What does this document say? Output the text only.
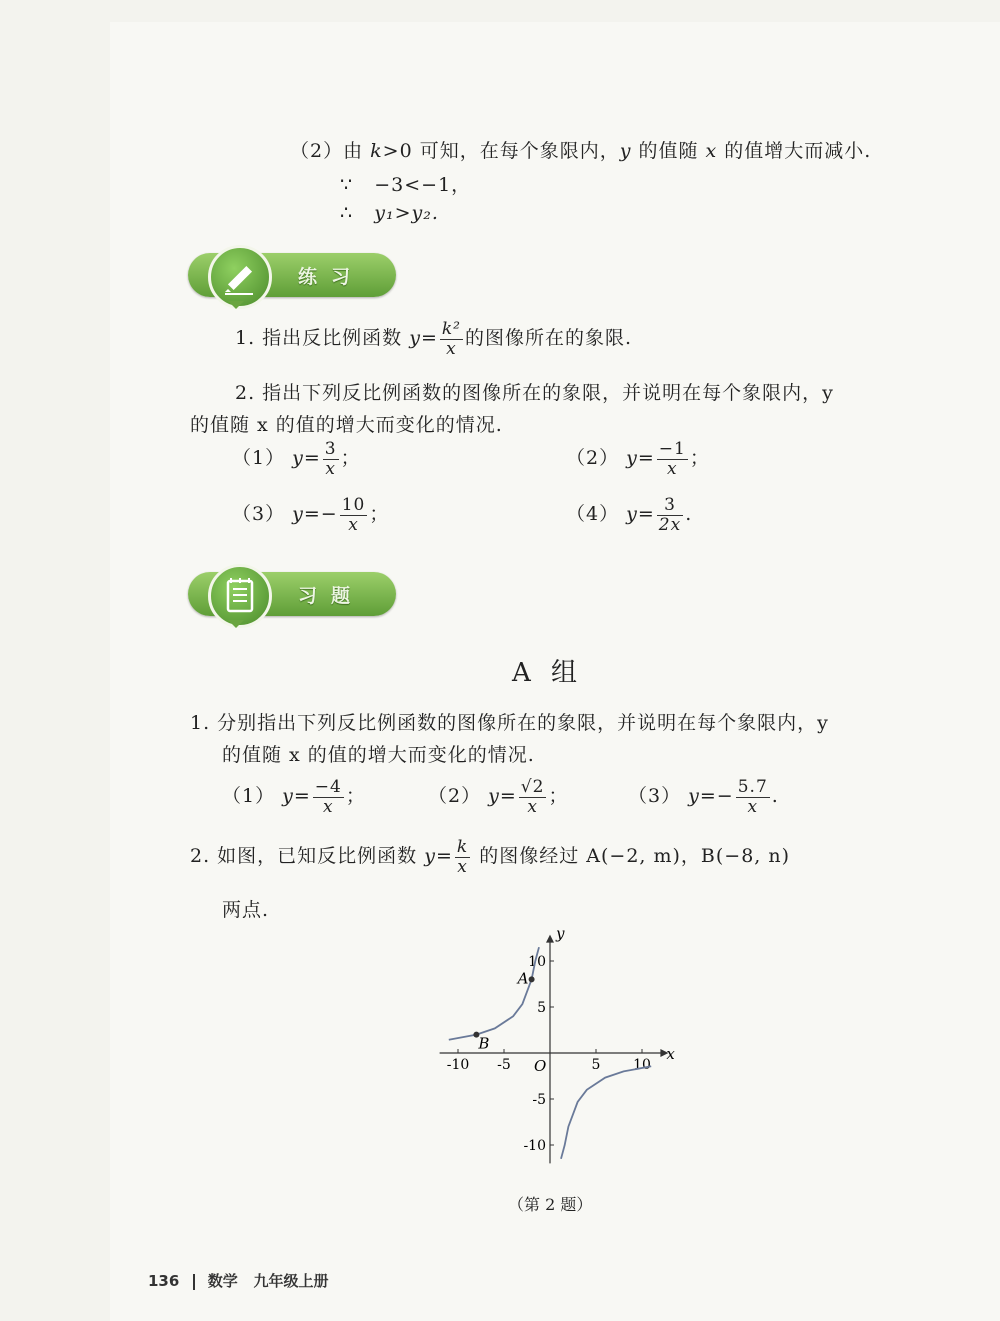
（2）由 k>0 可知，在每个象限内，y 的值随 x 的值增大而减小.
∵ −3<−1，
∴ y₁>y₂.
练习
1. 指出反比例函数 $y= \frac{\text{k²}}{x}$ 的图像所在的象限.
2. 指出下列反比例函数的图像所在的象限，并说明在每个象限内，y
的值随 x 的值的增大而变化的情况.
（1） $y= \frac{3}{x}$ ；	（2） $y= \frac{-1}{x}$ ；
（3） $y=- \frac{10}{x}$ ；	（4） $y= \frac{3}{2x}$ .
习题
A 组
1. 分别指出下列反比例函数的图像所在的象限，并说明在每个象限内，y
的值随 x 的值的增大而变化的情况.
（1） $y= \frac{-4}{x}$ ；	（2） $y= \frac{√2}{x}$ ；	（3） $y=- \frac{5.7}{x}$ .
2. 如图，已知反比例函数 $y= \frac{k}{x}$ 的图像经过 A(−2, m)，B(−8, n)
两点.
x
y
O
-10 -5	5 10
10
5
-5
-10
A
B
（第 2 题）
136 数学 九年级上册
